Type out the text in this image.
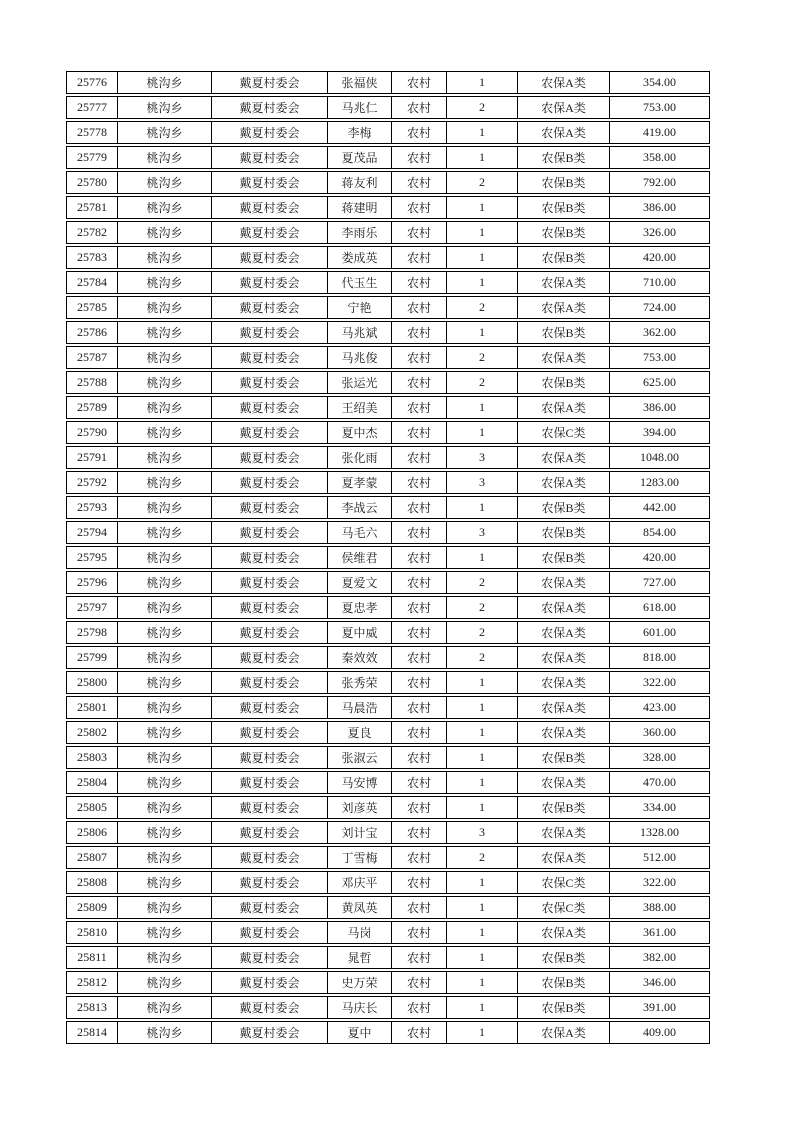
25776	桃沟乡	戴夏村委会	张福侠	农村	1	农保A类	354.00
25777	桃沟乡	戴夏村委会	马兆仁	农村	2	农保A类	753.00
25778	桃沟乡	戴夏村委会	李梅	农村	1	农保A类	419.00
25779	桃沟乡	戴夏村委会	夏茂品	农村	1	农保B类	358.00
25780	桃沟乡	戴夏村委会	蒋友利	农村	2	农保B类	792.00
25781	桃沟乡	戴夏村委会	蒋建明	农村	1	农保B类	386.00
25782	桃沟乡	戴夏村委会	李雨乐	农村	1	农保B类	326.00
25783	桃沟乡	戴夏村委会	娄成英	农村	1	农保B类	420.00
25784	桃沟乡	戴夏村委会	代玉生	农村	1	农保A类	710.00
25785	桃沟乡	戴夏村委会	宁艳	农村	2	农保A类	724.00
25786	桃沟乡	戴夏村委会	马兆斌	农村	1	农保B类	362.00
25787	桃沟乡	戴夏村委会	马兆俊	农村	2	农保A类	753.00
25788	桃沟乡	戴夏村委会	张运光	农村	2	农保B类	625.00
25789	桃沟乡	戴夏村委会	王绍美	农村	1	农保A类	386.00
25790	桃沟乡	戴夏村委会	夏中杰	农村	1	农保C类	394.00
25791	桃沟乡	戴夏村委会	张化雨	农村	3	农保A类	1048.00
25792	桃沟乡	戴夏村委会	夏孝蒙	农村	3	农保A类	1283.00
25793	桃沟乡	戴夏村委会	李战云	农村	1	农保B类	442.00
25794	桃沟乡	戴夏村委会	马毛六	农村	3	农保B类	854.00
25795	桃沟乡	戴夏村委会	侯维君	农村	1	农保B类	420.00
25796	桃沟乡	戴夏村委会	夏爱文	农村	2	农保A类	727.00
25797	桃沟乡	戴夏村委会	夏忠孝	农村	2	农保A类	618.00
25798	桃沟乡	戴夏村委会	夏中威	农村	2	农保A类	601.00
25799	桃沟乡	戴夏村委会	秦效效	农村	2	农保A类	818.00
25800	桃沟乡	戴夏村委会	张秀荣	农村	1	农保A类	322.00
25801	桃沟乡	戴夏村委会	马晨浩	农村	1	农保A类	423.00
25802	桃沟乡	戴夏村委会	夏良	农村	1	农保A类	360.00
25803	桃沟乡	戴夏村委会	张淑云	农村	1	农保B类	328.00
25804	桃沟乡	戴夏村委会	马安博	农村	1	农保A类	470.00
25805	桃沟乡	戴夏村委会	刘彦英	农村	1	农保B类	334.00
25806	桃沟乡	戴夏村委会	刘计宝	农村	3	农保A类	1328.00
25807	桃沟乡	戴夏村委会	丁雪梅	农村	2	农保A类	512.00
25808	桃沟乡	戴夏村委会	邓庆平	农村	1	农保C类	322.00
25809	桃沟乡	戴夏村委会	黄凤英	农村	1	农保C类	388.00
25810	桃沟乡	戴夏村委会	马岗	农村	1	农保A类	361.00
25811	桃沟乡	戴夏村委会	晁哲	农村	1	农保B类	382.00
25812	桃沟乡	戴夏村委会	史万荣	农村	1	农保B类	346.00
25813	桃沟乡	戴夏村委会	马庆长	农村	1	农保B类	391.00
25814	桃沟乡	戴夏村委会	夏中	农村	1	农保A类	409.00
